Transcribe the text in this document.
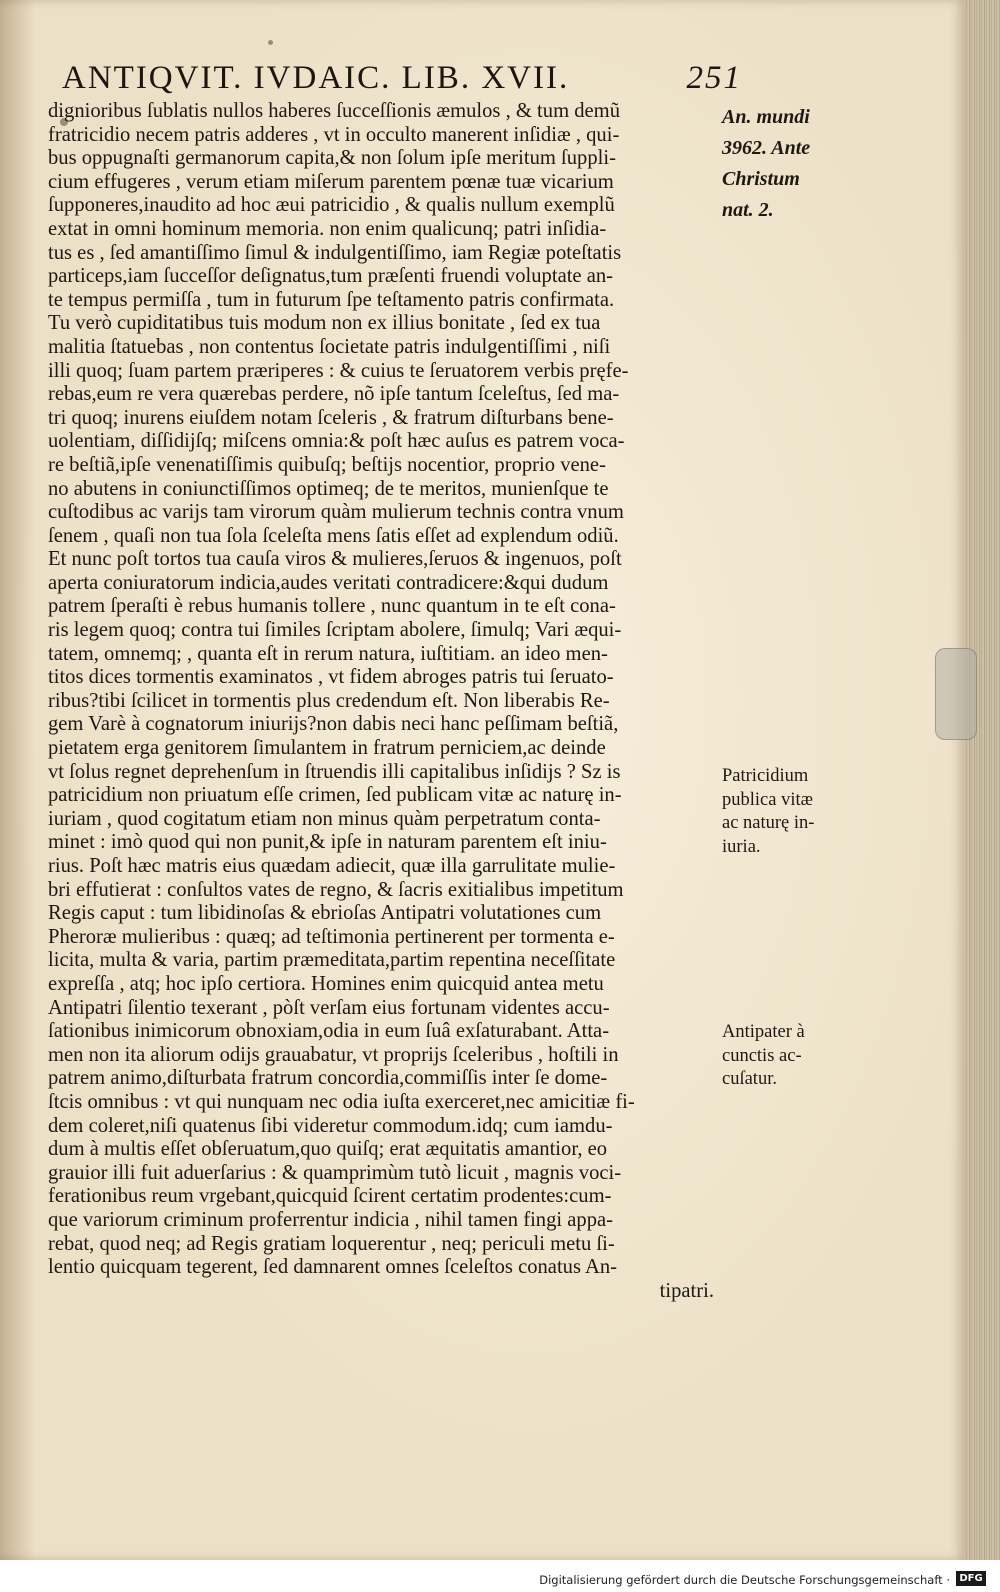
ANTIQVIT. IVDAIC. LIB. XVII.	251
dignioribus ſublatis nullos haberes ſucceſſionis æmulos , & tum demũ
fratricidio necem patris adderes , vt in occulto manerent inſidiæ , qui-
bus oppugnaſti germanorum capita,& non ſolum ipſe meritum ſuppli-
cium effugeres , verum etiam miſerum parentem pœnæ tuæ vicarium
ſupponeres,inaudito ad hoc æui patricidio , & qualis nullum exemplũ
extat in omni hominum memoria. non enim qualicunq; patri inſidia-
tus es , ſed amantiſſimo ſimul & indulgentiſſimo, iam Regiæ poteſtatis
particeps,iam ſucceſſor deſignatus,tum præſenti fruendi voluptate an-
te tempus permiſſa , tum in futurum ſpe teſtamento patris confirmata.
Tu verò cupiditatibus tuis modum non ex illius bonitate , ſed ex tua
malitia ſtatuebas , non contentus ſocietate patris indulgentiſſimi , niſi
illi quoq; ſuam partem præriperes : & cuius te ſeruatorem verbis pręfe-
rebas,eum re vera quærebas perdere, nõ ipſe tantum ſceleſtus, ſed ma-
tri quoq; inurens eiuſdem notam ſceleris , & fratrum diſturbans bene-
uolentiam, diſſidijſq; miſcens omnia:& poſt hæc auſus es patrem voca-
re beſtiã,ipſe venenatiſſimis quibuſq; beſtijs nocentior, proprio vene-
no abutens in coniunctiſſimos optimeq; de te meritos, munienſque te
cuſtodibus ac varijs tam virorum quàm mulierum technis contra vnum
ſenem , quaſi non tua ſola ſceleſta mens ſatis eſſet ad explendum odiũ.
Et nunc poſt tortos tua cauſa viros & mulieres,ſeruos & ingenuos, poſt
aperta coniuratorum indicia,audes veritati contradicere:&qui dudum
patrem ſperaſti è rebus humanis tollere , nunc quantum in te eſt cona-
ris legem quoq; contra tui ſimiles ſcriptam abolere, ſimulq; Vari æqui-
tatem, omnemq; , quanta eſt in rerum natura, iuſtitiam. an ideo men-
titos dices tormentis examinatos , vt fidem abroges patris tui ſeruato-
ribus?tibi ſcilicet in tormentis plus credendum eſt. Non liberabis Re-
gem Varè à cognatorum iniurijs?non dabis neci hanc peſſimam beſtiã,
pietatem erga genitorem ſimulantem in fratrum perniciem,ac deinde
vt ſolus regnet deprehenſum in ſtruendis illi capitalibus inſidijs ? Sz is
patricidium non priuatum eſſe crimen, ſed publicam vitæ ac naturę in-
iuriam , quod cogitatum etiam non minus quàm perpetratum conta-
minet : imò quod qui non punit,& ipſe in naturam parentem eſt iniu-
rius. Poſt hæc matris eius quædam adiecit, quæ illa garrulitate mulie-
bri effutierat : conſultos vates de regno, & ſacris exitialibus impetitum
Regis caput : tum libidinoſas & ebrioſas Antipatri volutationes cum
Pheroræ mulieribus : quæq; ad teſtimonia pertinerent per tormenta e-
licita, multa & varia, partim præmeditata,partim repentina neceſſitate
expreſſa , atq; hoc ipſo certiora. Homines enim quicquid antea metu
Antipatri ſilentio texerant , pòſt verſam eius fortunam videntes accu-
ſationibus inimicorum obnoxiam,odia in eum ſuâ exſaturabant. Atta-
men non ita aliorum odijs grauabatur, vt proprijs ſceleribus , hoſtili in
patrem animo,diſturbata fratrum concordia,commiſſis inter ſe dome-
ſtcis omnibus : vt qui nunquam nec odia iuſta exerceret,nec amicitiæ fi-
dem coleret,niſi quatenus ſibi videretur commodum.idq; cum iamdu-
dum à multis eſſet obſeruatum,quo quiſq; erat æquitatis amantior, eo
grauior illi fuit aduerſarius : & quamprimùm tutò licuit , magnis voci-
ferationibus reum vrgebant,quicquid ſcirent certatim prodentes:cum-
que variorum criminum proferrentur indicia , nihil tamen fingi appa-
rebat, quod neq; ad Regis gratiam loquerentur , neq; periculi metu ſi-
lentio quicquam tegerent, ſed damnarent omnes ſceleſtos conatus An-
tipatri.
An. mundi
3962. Ante
Christum
nat. 2.
Patricidium
publica vitæ
ac naturę in-
iuria.
Antipater à
cunctis ac-
cuſatur.
Digitalisierung gefördert durch die Deutsche Forschungsgemeinschaft · DFG
